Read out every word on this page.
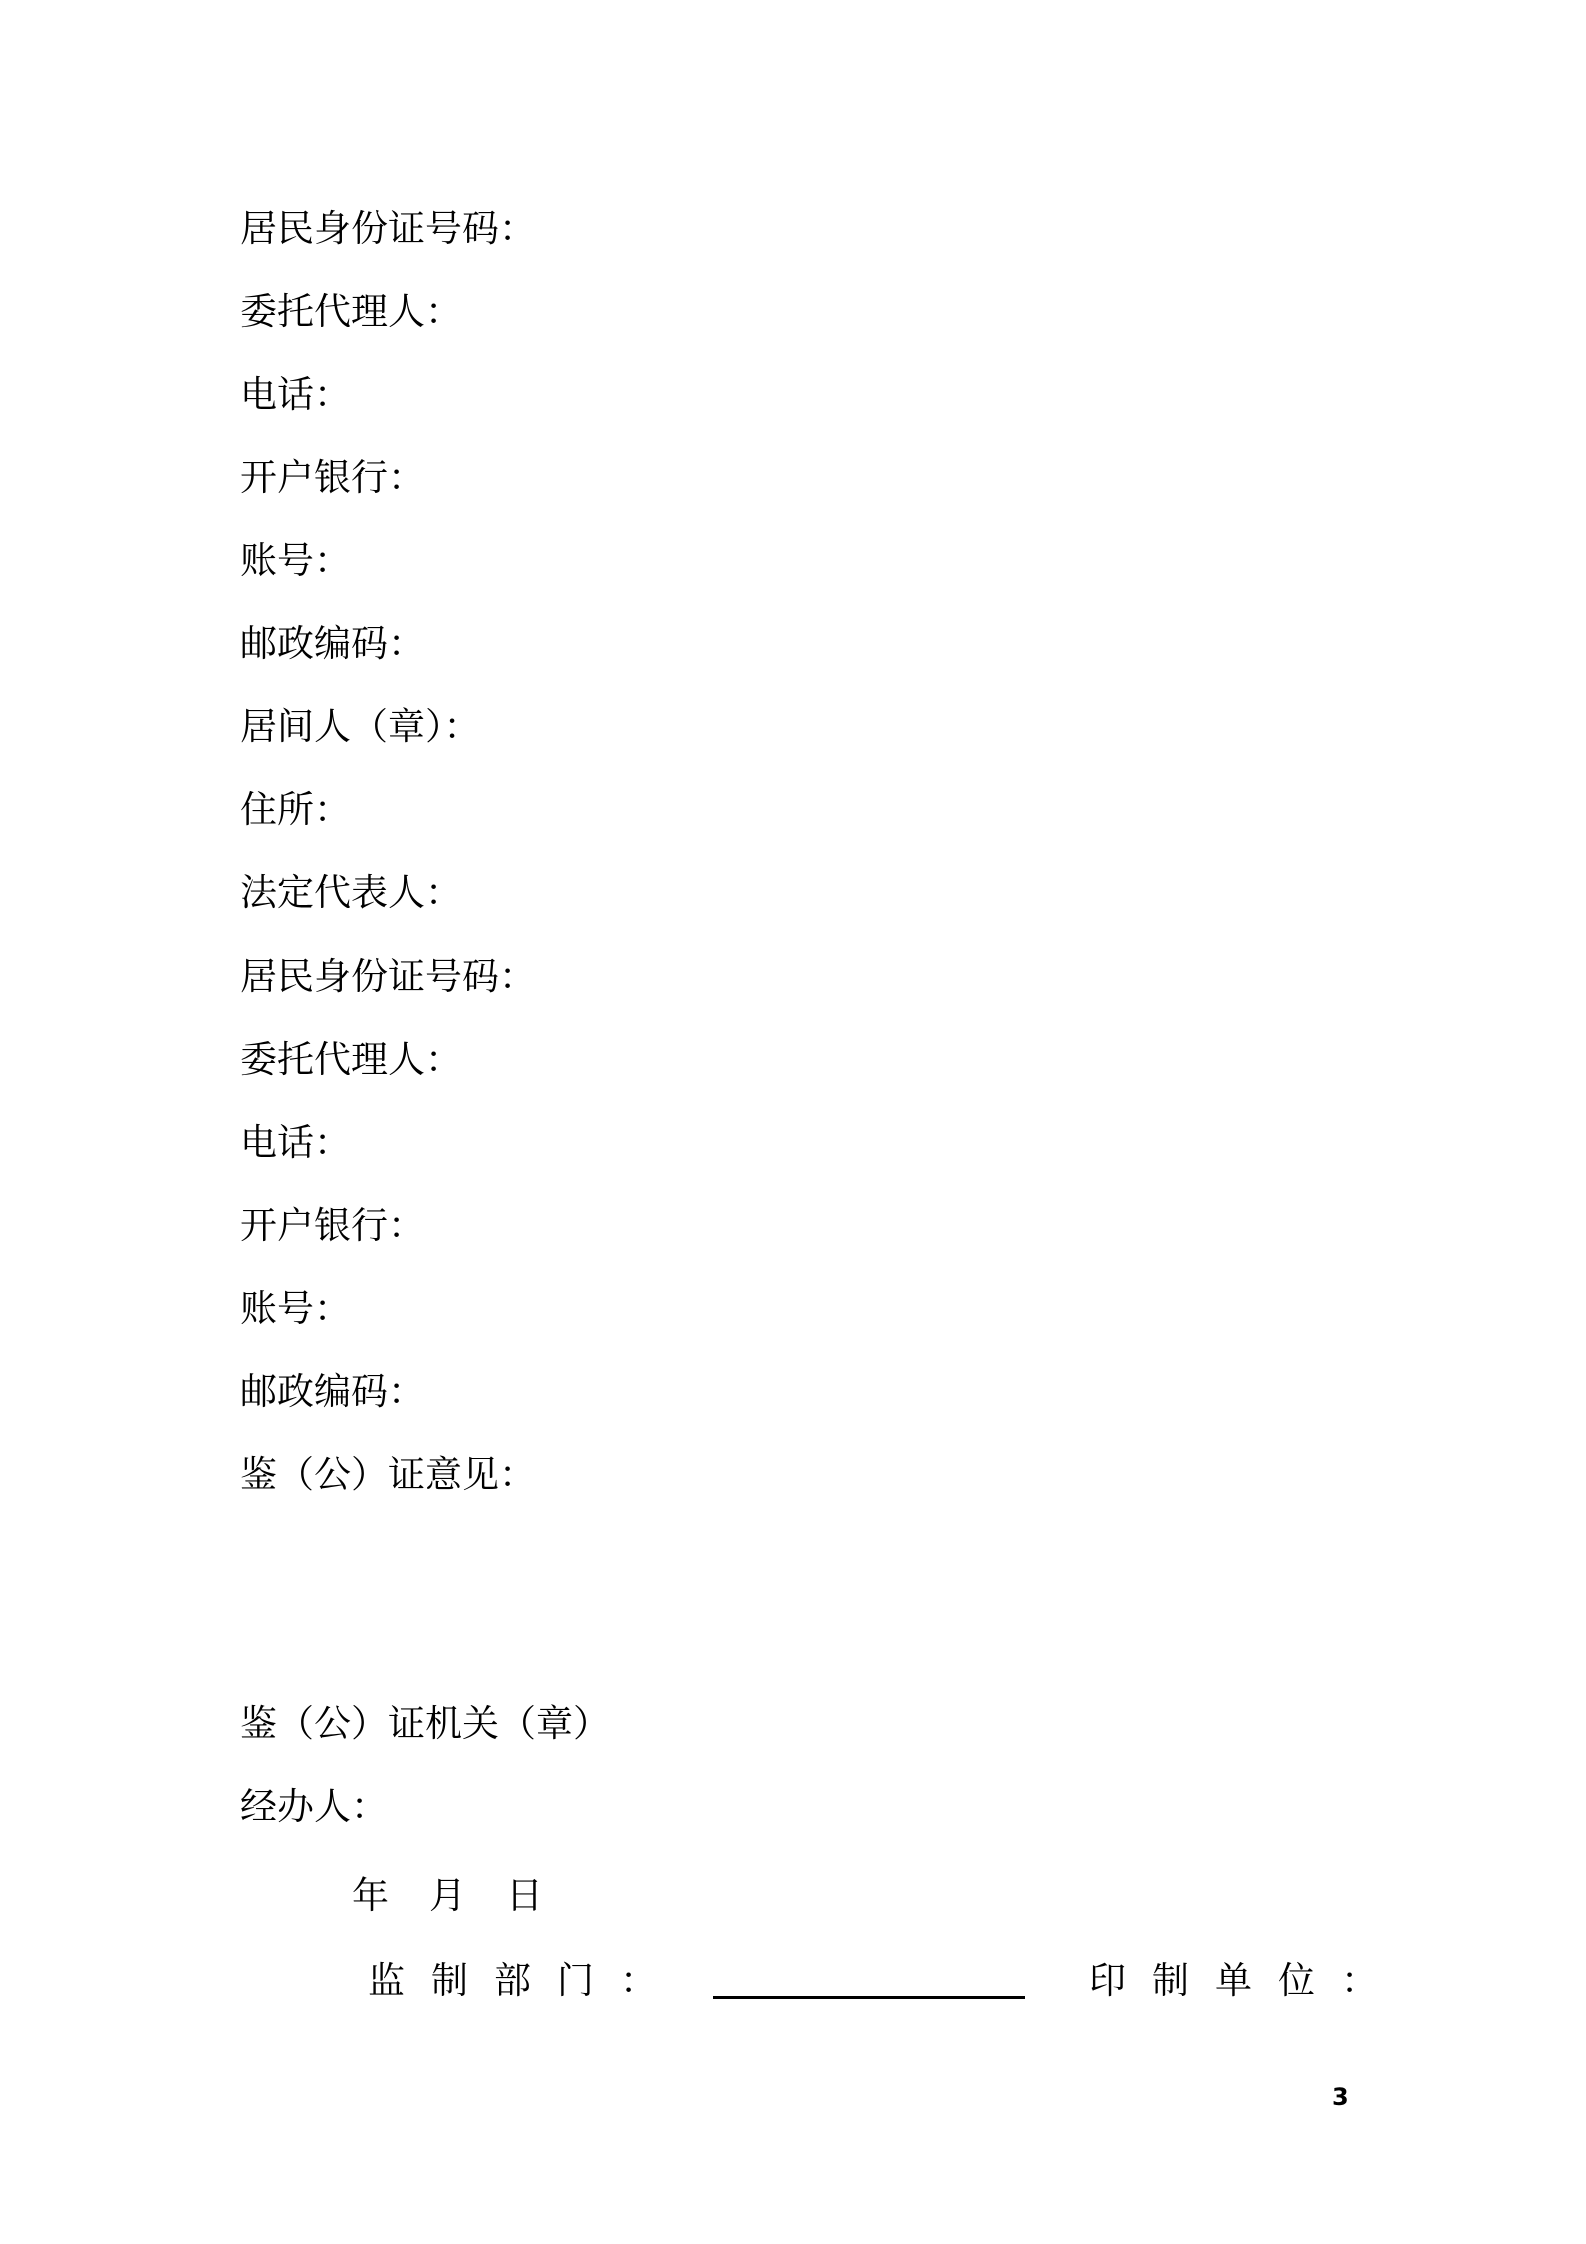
居民身份证号码：
委托代理人：
电话：
开户银行：
账号：
邮政编码：
居间人（章）：
住所：
法定代表人：
居民身份证号码：
委托代理人：
电话：
开户银行：
账号：
邮政编码：
鉴（公）证意见：
鉴（公）证机关（章）
经办人：
年 月 日
监制部门：	印制单位：
3
